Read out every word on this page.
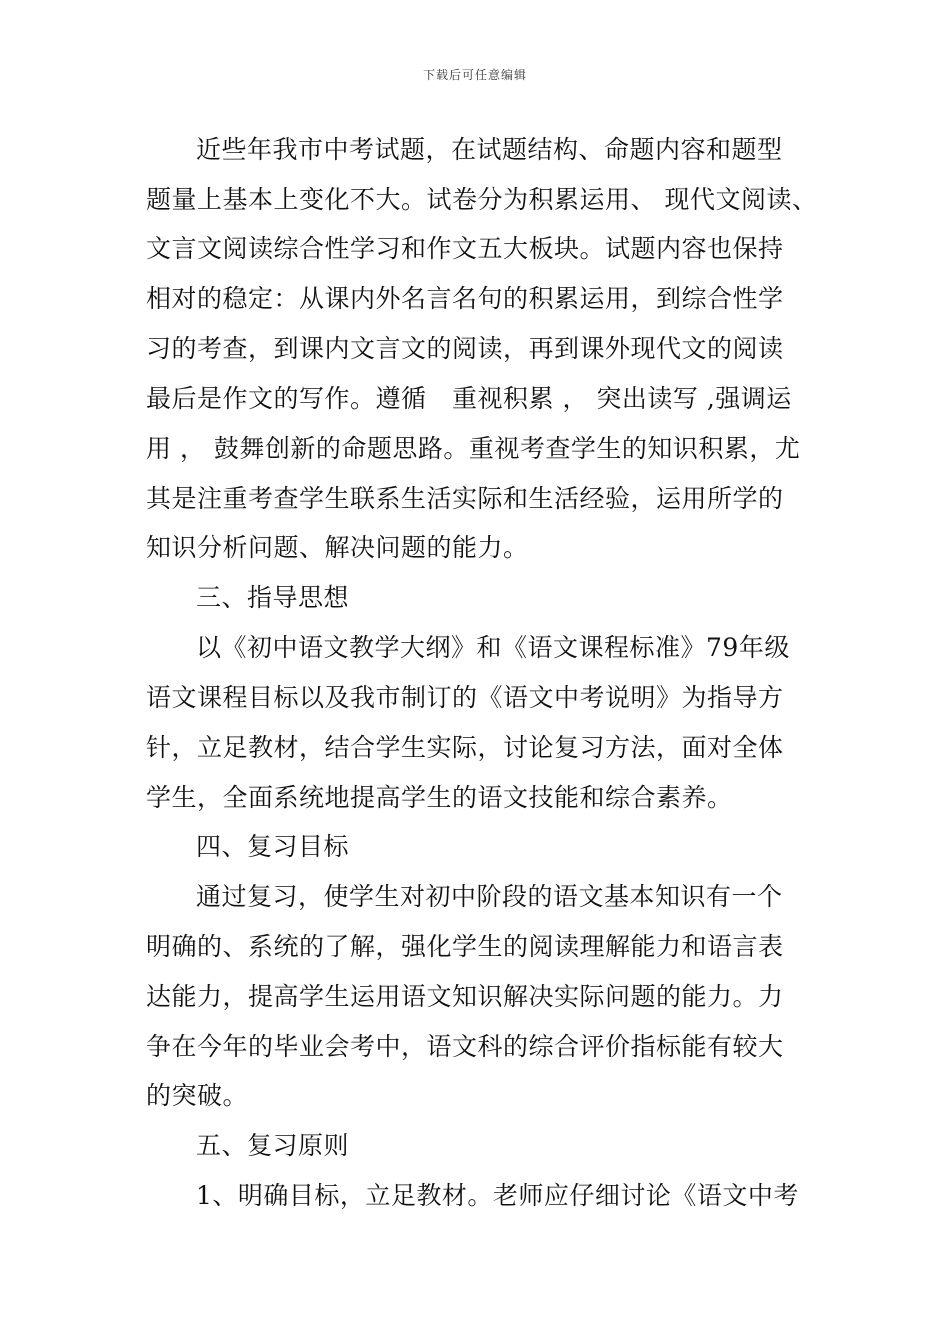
下载后可任意编辑
近些年我市中考试题，在试题结构、命题内容和题型
题量上基本上变化不大。试卷分为积累运用、 现代文阅读、
文言文阅读综合性学习和作文五大板块。试题内容也保持
相对的稳定：从课内外名言名句的积累运用，到综合性学
习的考查，到课内文言文的阅读，再到课外现代文的阅读
最后是作文的写作。遵循　重视积累 ， 突出读写 ,强调运
用 ， 鼓舞创新的命题思路。重视考查学生的知识积累，尤
其是注重考查学生联系生活实际和生活经验，运用所学的
知识分析问题、解决问题的能力。
三、指导思想
以《初中语文教学大纲》和《语文课程标准》79年级
语文课程目标以及我市制订的《语文中考说明》为指导方
针，立足教材，结合学生实际，讨论复习方法，面对全体
学生，全面系统地提高学生的语文技能和综合素养。
四、复习目标
通过复习，使学生对初中阶段的语文基本知识有一个
明确的、系统的了解，强化学生的阅读理解能力和语言表
达能力，提高学生运用语文知识解决实际问题的能力。力
争在今年的毕业会考中，语文科的综合评价指标能有较大
的突破。
五、复习原则
1、明确目标，立足教材。老师应仔细讨论《语文中考
